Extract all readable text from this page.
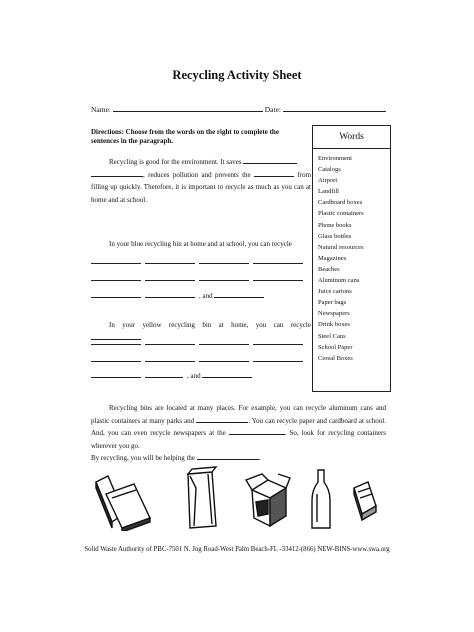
Recycling Activity Sheet
Name:	Date:
Directions: Choose from the words on the right to complete the sentences in the paragraph.
Recycling is good for the environment. It saves
, reduces pollution and prevents the	from filling up quickly. Therefore, it is important to recycle as much as you can at home and at school.
In your blue recycling bin at home and at school, you can recycle
, and
In your yellow recycling bin at home, you can recycle
, and
Words
Environment
Catalogs
Airport
Landfill
Cardboard boxes
Plastic containers
Phone books
Glass bottles
Natural resources
Magazines
Beaches
Aluminum cans
Juice cartons
Paper bags
Newspapers
Drink boxes
Steel Cans
School Paper
Cereal Boxes
Recycling bins are located at many places. For example, you can recycle aluminum cans and plastic containers at many parks and	. You can recycle paper and cardboard at school. And, you can even recycle newspapers at the	. So, look for recycling containers wherever you go.
By recycling, you will be helping the	.
Solid Waste Authority of PBC-7501 N. Jog Road-West Palm Beach-FL -33412-(866) NEW-BINS-www.swa.org
